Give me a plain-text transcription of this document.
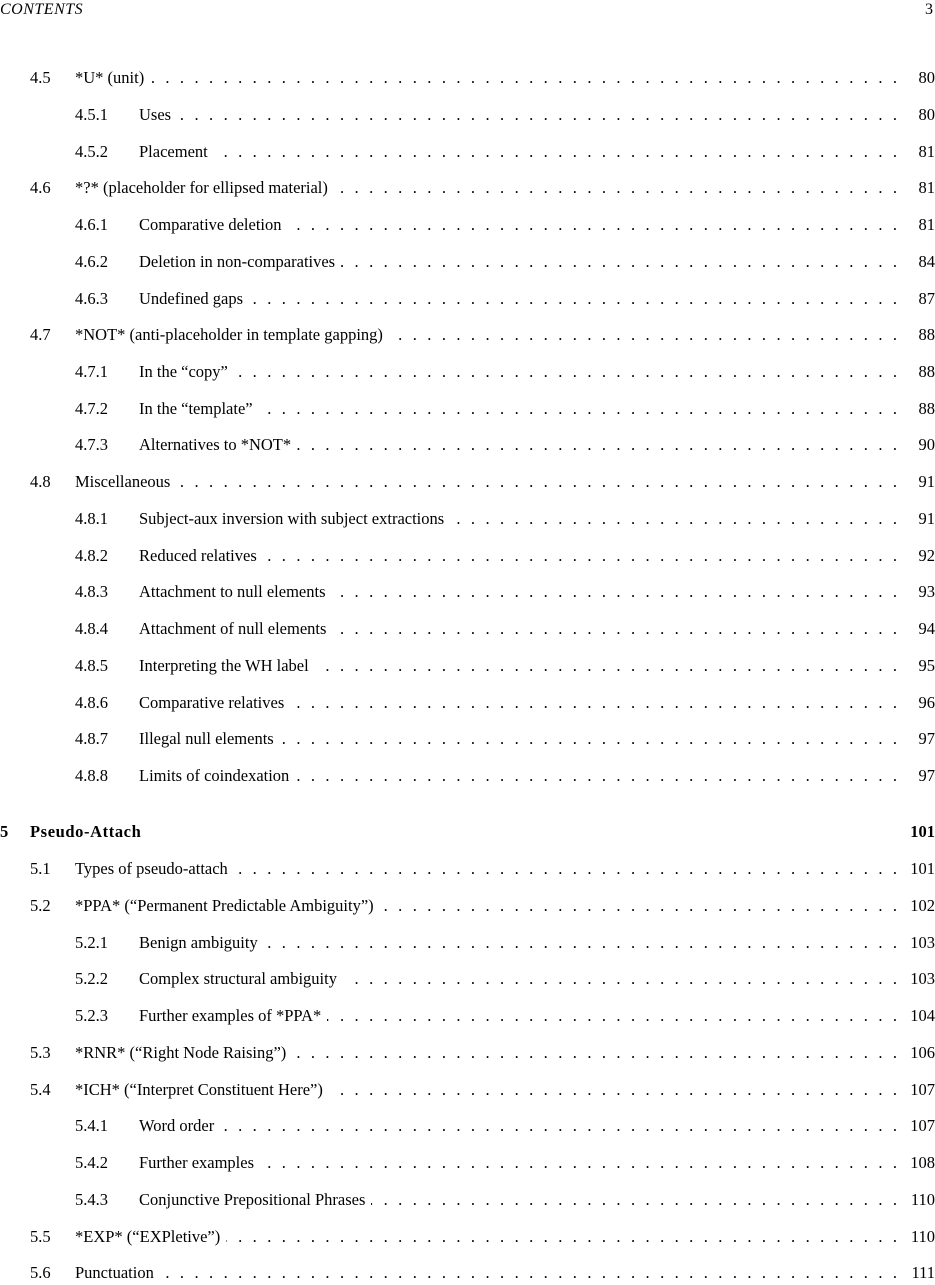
CONTENTS	3
4.5	*U* (unit) . . .	80
4.5.1	Uses . . .	80
4.5.2	Placement . . .	81
4.6	*?* (placeholder for ellipsed material) . . .	81
4.6.1	Comparative deletion . . .	81
4.6.2	Deletion in non-comparatives . . .	84
4.6.3	Undefined gaps . . .	87
4.7	*NOT* (anti-placeholder in template gapping) . . .	88
4.7.1	In the “copy” . . .	88
4.7.2	In the “template” . . .	88
4.7.3	Alternatives to *NOT* . . .	90
4.8	Miscellaneous . . .	91
4.8.1	Subject-aux inversion with subject extractions . . .	91
4.8.2	Reduced relatives . . .	92
4.8.3	Attachment to null elements . . .	93
4.8.4	Attachment of null elements . . .	94
4.8.5	Interpreting the WH label . . .	95
4.8.6	Comparative relatives . . .	96
4.8.7	Illegal null elements . . .	97
4.8.8	Limits of coindexation . . .	97
5	Pseudo-Attach	101
5.1	Types of pseudo-attach . . .	101
5.2	*PPA* (“Permanent Predictable Ambiguity”) . . .	102
5.2.1	Benign ambiguity . . .	103
5.2.2	Complex structural ambiguity . . .	103
5.2.3	Further examples of *PPA* . . .	104
5.3	*RNR* (“Right Node Raising”) . . .	106
5.4	*ICH* (“Interpret Constituent Here”) . . .	107
5.4.1	Word order . . .	107
5.4.2	Further examples . . .	108
5.4.3	Conjunctive Prepositional Phrases . . .	110
5.5	*EXP* (“EXPletive”) . . .	110
5.6	Punctuation . . .	111
